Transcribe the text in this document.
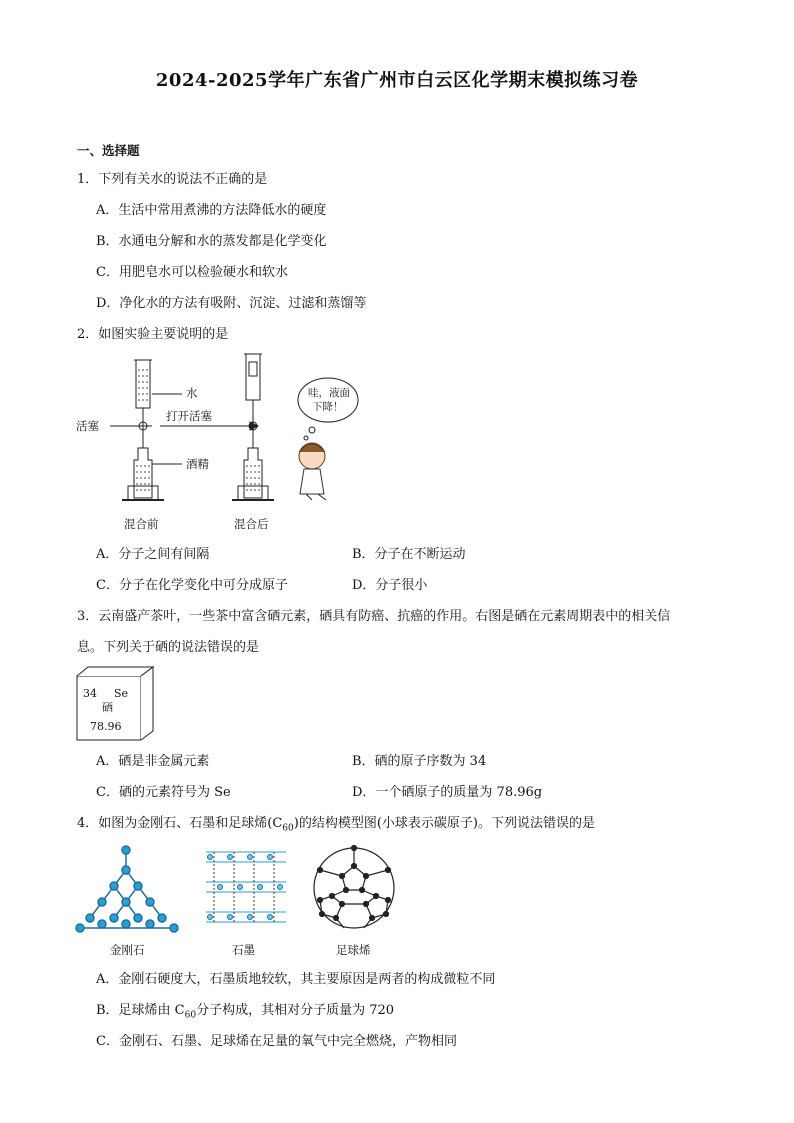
2024-2025学年广东省广州市白云区化学期末模拟练习卷
一、选择题
1．下列有关水的说法不正确的是
A．生活中常用煮沸的方法降低水的硬度
B．水通电分解和水的蒸发都是化学变化
C．用肥皂水可以检验硬水和软水
D．净化水的方法有吸附、沉淀、过滤和蒸馏等
2．如图实验主要说明的是
水
活塞
打开活塞
酒精
混合前	混合后
哇，液面
下降！
A．分子之间有间隔	B．分子在不断运动
C．分子在化学变化中可分成原子	D．分子很小
3．云南盛产茶叶，一些茶中富含硒元素，硒具有防癌、抗癌的作用。右图是硒在元素周期表中的相关信
息。下列关于硒的说法错误的是
34 Se
硒
78.96
A．硒是非金属元素	B．硒的原子序数为 34
C．硒的元素符号为 Se	D．一个硒原子的质量为 78.96g
4．如图为金刚石、石墨和足球烯$(C_{60})$的结构模型图(小球表示碳原子)。下列说法错误的是
金刚石	石墨	足球烯
A．金刚石硬度大，石墨质地较软，其主要原因是两者的构成微粒不同
B．足球烯由 $C_{60}$分子构成，其相对分子质量为 720
C．金刚石、石墨、足球烯在足量的氧气中完全燃烧，产物相同
